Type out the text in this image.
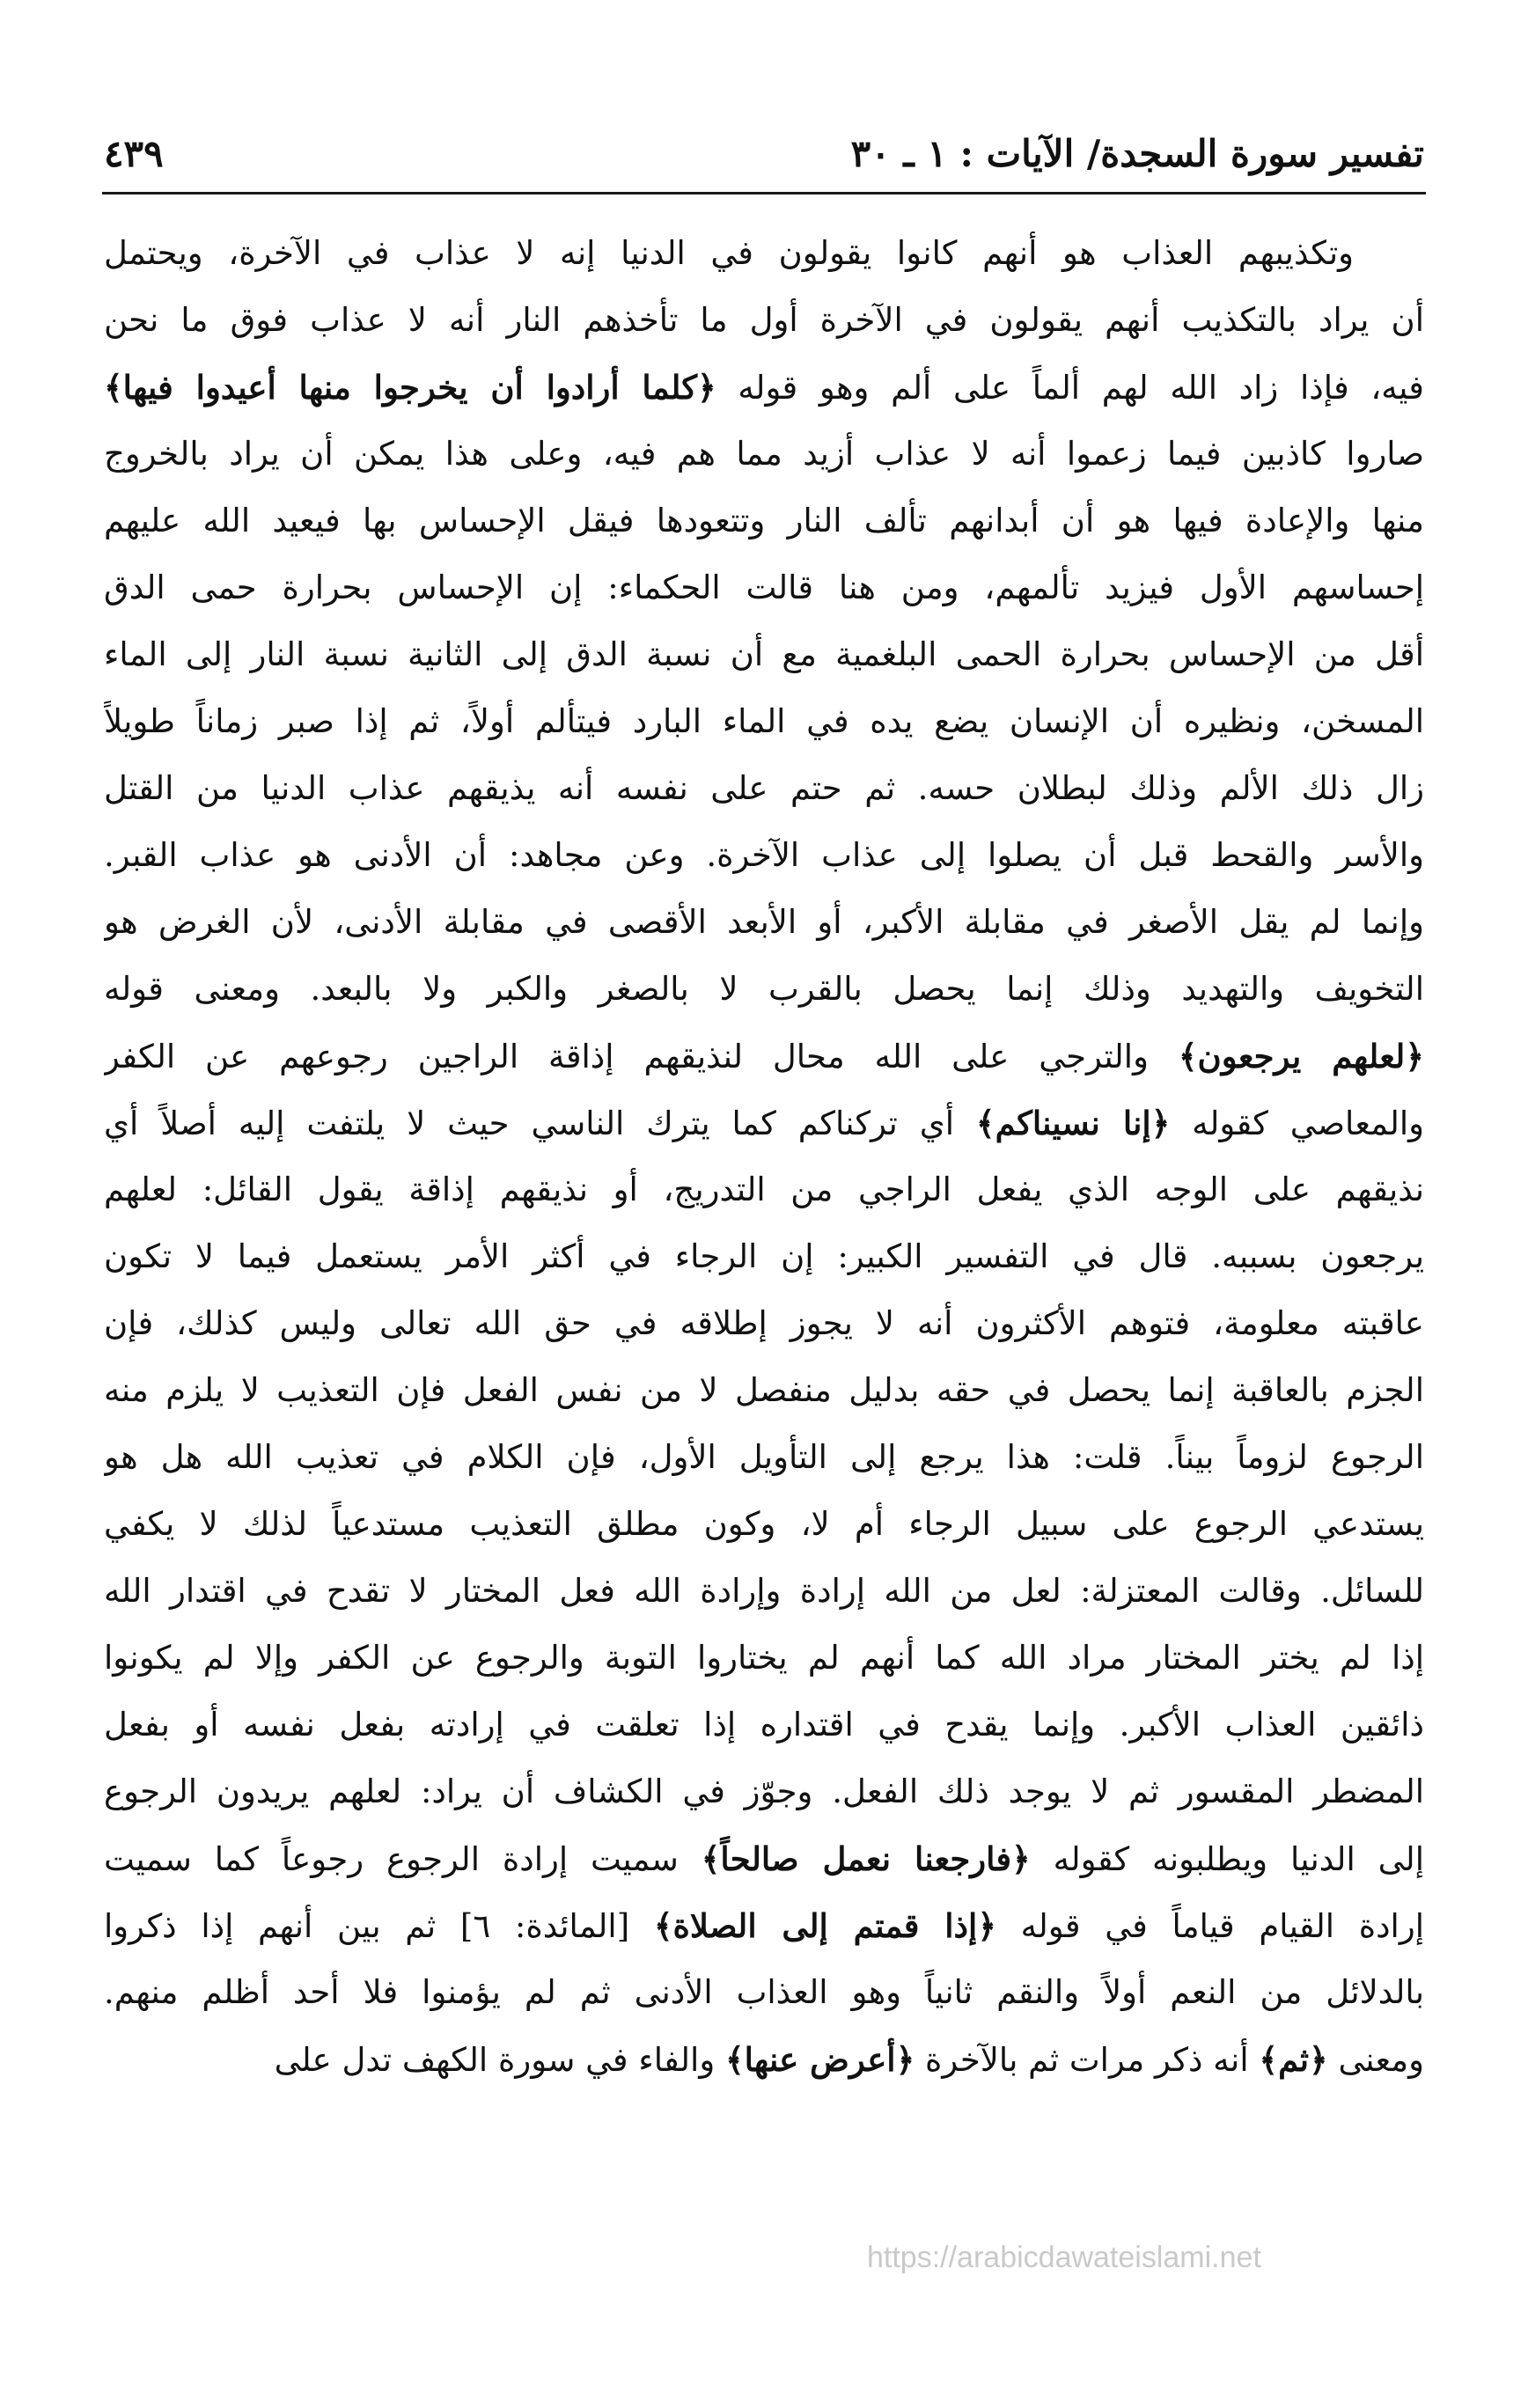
تفسير سورة السجدة/ الآيات : ١ ـ ٣٠
٤٣٩
وتكذيبهم العذاب هو أنهم كانوا يقولون في الدنيا إنه لا عذاب في الآخرة، ويحتمل
أن يراد بالتكذيب أنهم يقولون في الآخرة أول ما تأخذهم النار أنه لا عذاب فوق ما نحن
فيه، فإذا زاد الله لهم ألماً على ألم وهو قوله ﴿كلما أرادوا أن يخرجوا منها أعيدوا فيها﴾
صاروا كاذبين فيما زعموا أنه لا عذاب أزيد مما هم فيه، وعلى هذا يمكن أن يراد بالخروج
منها والإعادة فيها هو أن أبدانهم تألف النار وتتعودها فيقل الإحساس بها فيعيد الله عليهم
إحساسهم الأول فيزيد تألمهم، ومن هنا قالت الحكماء: إن الإحساس بحرارة حمى الدق
أقل من الإحساس بحرارة الحمى البلغمية مع أن نسبة الدق إلى الثانية نسبة النار إلى الماء
المسخن، ونظيره أن الإنسان يضع يده في الماء البارد فيتألم أولاً، ثم إذا صبر زماناً طويلاً
زال ذلك الألم وذلك لبطلان حسه. ثم حتم على نفسه أنه يذيقهم عذاب الدنيا من القتل
والأسر والقحط قبل أن يصلوا إلى عذاب الآخرة. وعن مجاهد: أن الأدنى هو عذاب القبر.
وإنما لم يقل الأصغر في مقابلة الأكبر، أو الأبعد الأقصى في مقابلة الأدنى، لأن الغرض هو
التخويف والتهديد وذلك إنما يحصل بالقرب لا بالصغر والكبر ولا بالبعد. ومعنى قوله
﴿لعلهم يرجعون﴾ والترجي على الله محال لنذيقهم إذاقة الراجين رجوعهم عن الكفر
والمعاصي كقوله ﴿إنا نسيناكم﴾ أي تركناكم كما يترك الناسي حيث لا يلتفت إليه أصلاً أي
نذيقهم على الوجه الذي يفعل الراجي من التدريج، أو نذيقهم إذاقة يقول القائل: لعلهم
يرجعون بسببه. قال في التفسير الكبير: إن الرجاء في أكثر الأمر يستعمل فيما لا تكون
عاقبته معلومة، فتوهم الأكثرون أنه لا يجوز إطلاقه في حق الله تعالى وليس كذلك، فإن
الجزم بالعاقبة إنما يحصل في حقه بدليل منفصل لا من نفس الفعل فإن التعذيب لا يلزم منه
الرجوع لزوماً بيناً. قلت: هذا يرجع إلى التأويل الأول، فإن الكلام في تعذيب الله هل هو
يستدعي الرجوع على سبيل الرجاء أم لا، وكون مطلق التعذيب مستدعياً لذلك لا يكفي
للسائل. وقالت المعتزلة: لعل من الله إرادة وإرادة الله فعل المختار لا تقدح في اقتدار الله
إذا لم يختر المختار مراد الله كما أنهم لم يختاروا التوبة والرجوع عن الكفر وإلا لم يكونوا
ذائقين العذاب الأكبر. وإنما يقدح في اقتداره إذا تعلقت في إرادته بفعل نفسه أو بفعل
المضطر المقسور ثم لا يوجد ذلك الفعل. وجوّز في الكشاف أن يراد: لعلهم يريدون الرجوع
إلى الدنيا ويطلبونه كقوله ﴿فارجعنا نعمل صالحاً﴾ سميت إرادة الرجوع رجوعاً كما سميت
إرادة القيام قياماً في قوله ﴿إذا قمتم إلى الصلاة﴾ [المائدة: ٦] ثم بين أنهم إذا ذكروا
بالدلائل من النعم أولاً والنقم ثانياً وهو العذاب الأدنى ثم لم يؤمنوا فلا أحد أظلم منهم.
ومعنى ﴿ثم﴾ أنه ذكر مرات ثم بالآخرة ﴿أعرض عنها﴾ والفاء في سورة الكهف تدل على
https://arabicdawateislami.net
